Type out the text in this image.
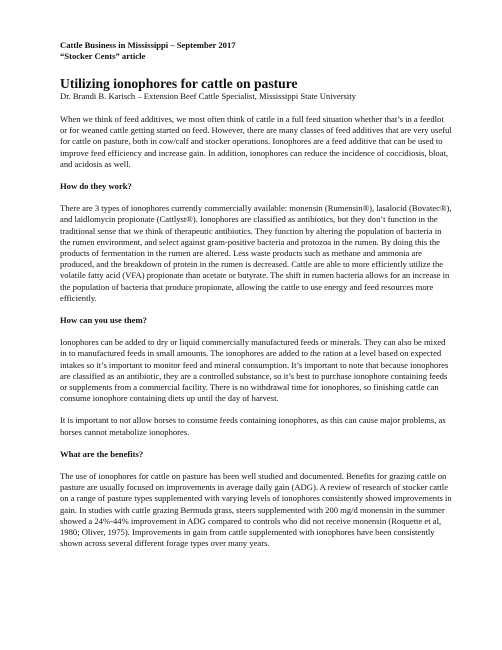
Cattle Business in Mississippi – September 2017
“Stocker Cents” article
Utilizing ionophores for cattle on pasture
Dr. Brandi B. Karisch – Extension Beef Cattle Specialist, Mississippi State University

When we think of feed additives, we most often think of cattle in a full feed situation whether that’s in a feedlot or for weaned cattle getting started on feed. However, there are many classes of feed additives that are very useful for cattle on pasture, both in cow/calf and stocker operations. Ionophores are a feed additive that can be used to improve feed efficiency and increase gain. In addition, ionophores can reduce the incidence of coccidiosis, bloat, and acidosis as well.

How do they work?

There are 3 types of ionophores currently commercially available: monensin (Rumensin®), lasalocid (Bovatec®), and laidlomycin propionate (Cattlyst®). Ionophores are classified as antibiotics, but they don’t function in the traditional sense that we think of therapeutic antibiotics. They function by altering the population of bacteria in the rumen environment, and select against gram-positive bacteria and protozoa in the rumen. By doing this the products of fermentation in the rumen are altered. Less waste products such as methane and ammonia are produced, and the breakdown of protein in the rumen is decreased. Cattle are able to more efficiently utilize the volatile fatty acid (VFA) propionate than acetate or butyrate. The shift in rumen bacteria allows for an increase in the population of bacteria that produce propionate, allowing the cattle to use energy and feed resources more efficiently.

How can you use them?

Ionophores can be added to dry or liquid commercially manufactured feeds or minerals. They can also be mixed in to manufactured feeds in small amounts. The ionophores are added to the ration at a level based on expected intakes so it’s important to monitor feed and mineral consumption. It’s important to note that because ionophores are classified as an antibiotic, they are a controlled substance, so it’s best to purchase ionophore containing feeds or supplements from a commercial facility. There is no withdrawal time for ionophores, so finishing cattle can consume ionophore containing diets up until the day of harvest.

It is important to not allow horses to consume feeds containing ionophores, as this can cause major problems, as horses cannot metabolize ionophores.

What are the benefits?

The use of ionophores for cattle on pasture has been well studied and documented. Benefits for grazing cattle on pasture are usually focused on improvements in average daily gain (ADG). A review of research of stocker cattle on a range of pasture types supplemented with varying levels of ionophores consistently showed improvements in gain. In studies with cattle grazing Bermuda grass, steers supplemented with 200 mg/d monensin in the summer showed a 24%-44% improvement in ADG compared to controls who did not receive monensin (Roquette et al, 1980; Oliver, 1975). Improvements in gain from cattle supplemented with ionophores have been consistently shown across several different forage types over many years.
